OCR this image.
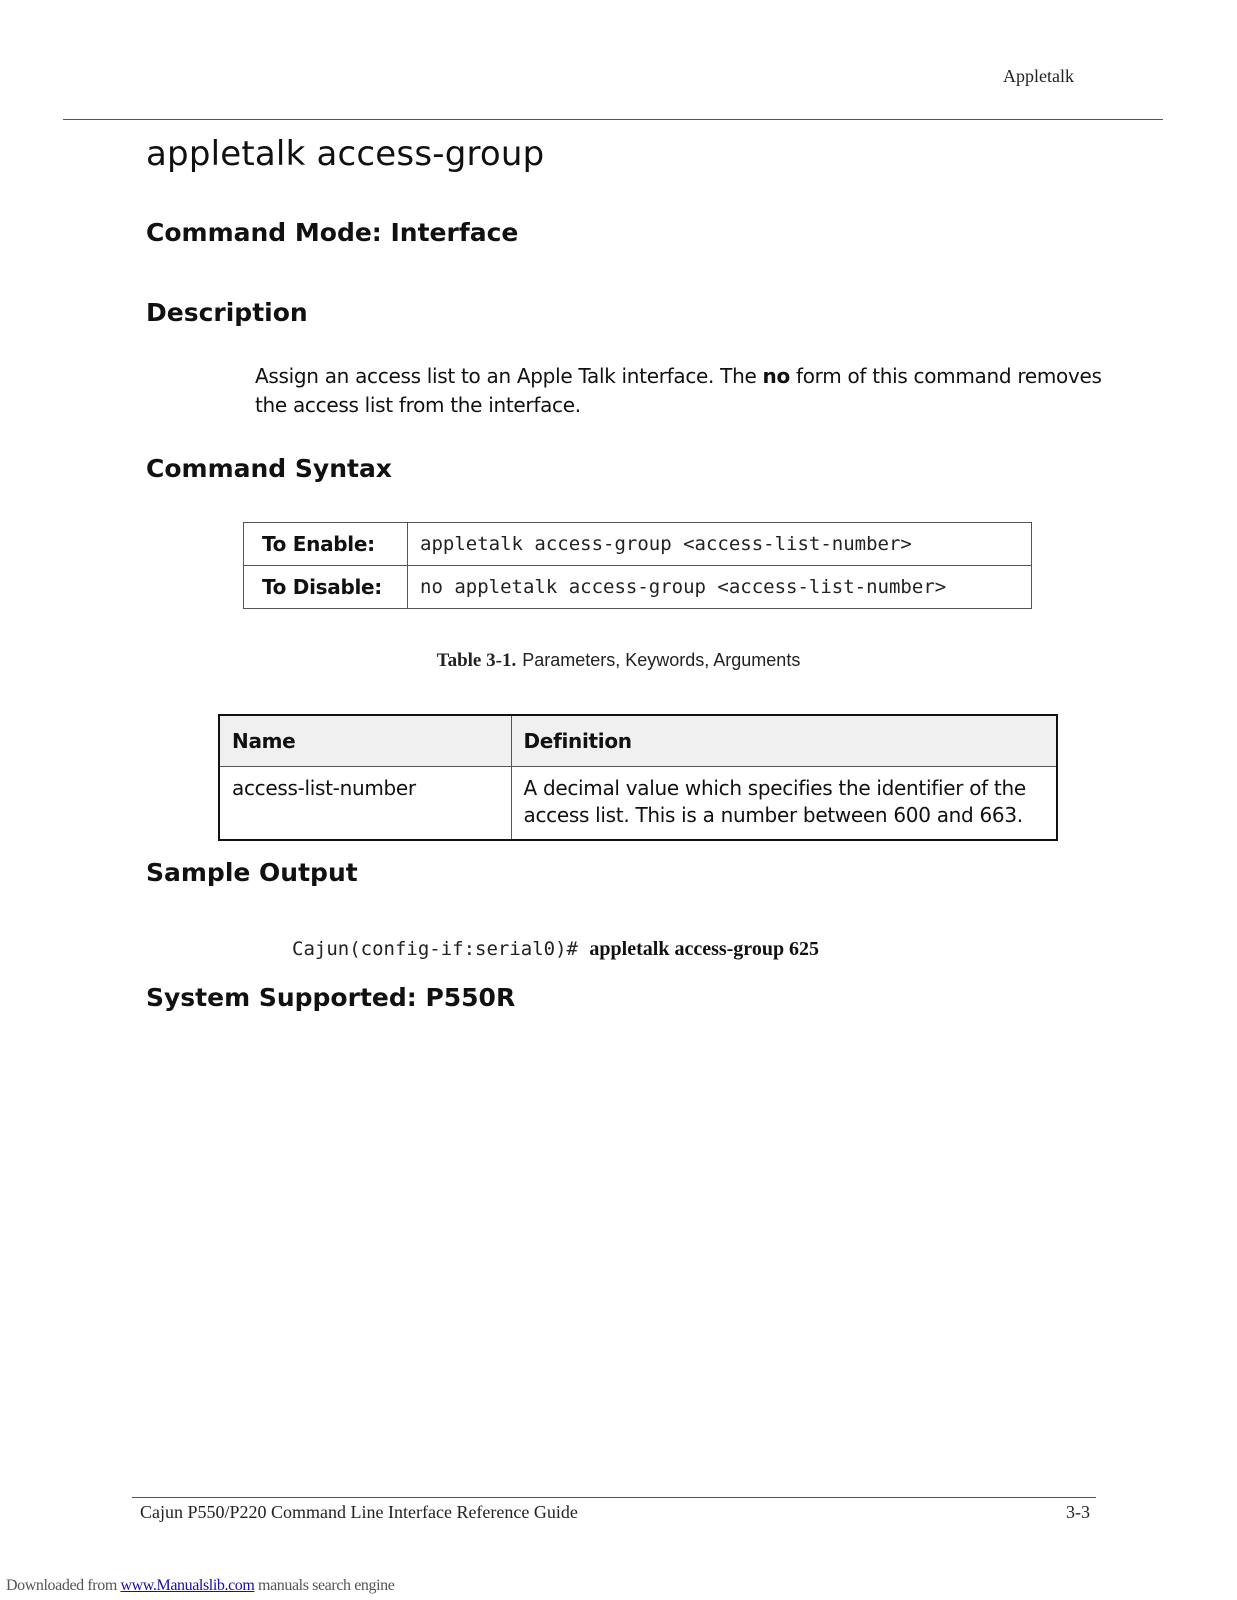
Appletalk
appletalk access-group
Command Mode: Interface
Description

Assign an access list to an Apple Talk interface. The no form of this command removes the access list from the interface.

Command Syntax
To Enable:	appletalk access-group <access-list-number>
To Disable:	no appletalk access-group <access-list-number>
Table 3-1. Parameters, Keywords, Arguments
Name	Definition
access-list-number	A decimal value which specifies the identifier of the access list. This is a number between 600 and 663.
Sample Output
Cajun(config-if:serial0)# appletalk access-group 625
System Supported: P550R
Cajun P550/P220 Command Line Interface Reference Guide	3-3
Downloaded from www.Manualslib.com manuals search engine
